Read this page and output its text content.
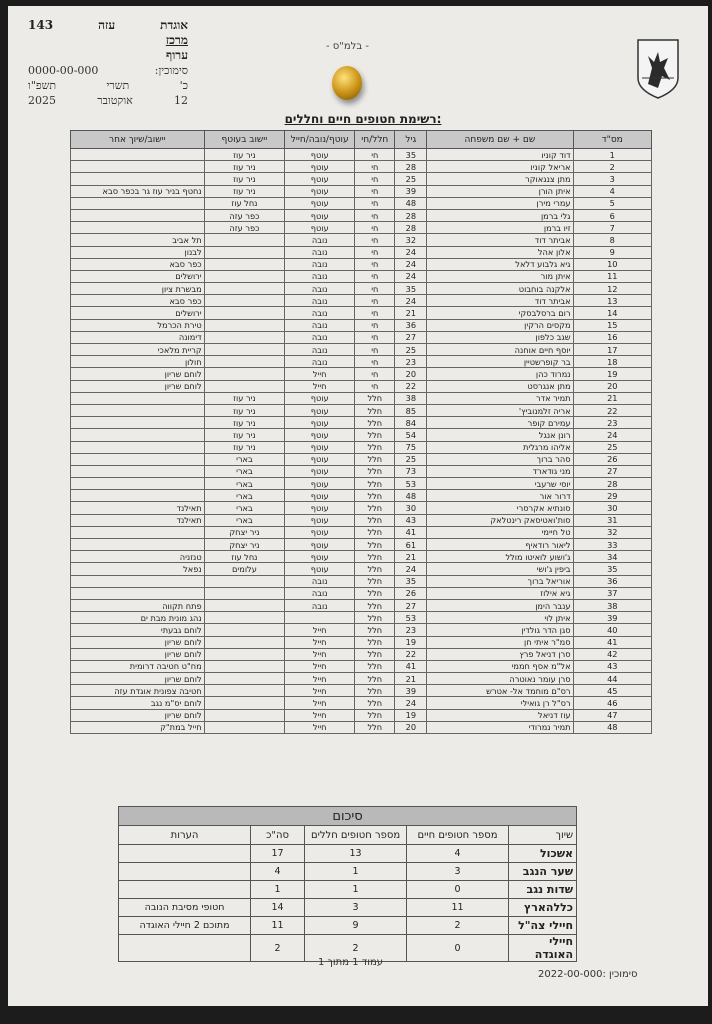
אוגדת
עזה
143
מרכז
ערוף
סימוכין:
0000-00-000
כ'
תשרי
תשפ"ו
12
אוקטובר
2025
- בלמ"ס -
רשימת חטופים חיים וחללים:
מס"ד	שם + שם משפחה	גיל	חלל/חי	עוטף/נובה/חייל	יישוב בעוטף	יישוב/שיוך אחר
1	דוד קוניו	35	חי	עוטף	ניר עוז	
2	אריאל קוניו	28	חי	עוטף	ניר עוז	
3	מתן צנגאוקר	25	חי	עוטף	ניר עוז	
4	איתן הורן	39	חי	עוטף	ניר עוז	נחטף בניר עוז גר בכפר סבא
5	עמרי מירן	48	חי	עוטף	נחל עוז	
6	גלי ברמן	28	חי	עוטף	כפר עזה	
7	זיו ברמן	28	חי	עוטף	כפר עזה	
8	אביתר דוד	32	חי	נובה		תל אביב
9	אלון אהל	24	חי	נובה		לבנון
10	גיא גלבוע דלאל	24	חי	נובה		כפר סבא
11	איתן מור	24	חי	נובה		ירושלים
12	אלקנה בוחבוט	35	חי	נובה		מבשרת ציון
13	אביתר דוד	24	חי	נובה		כפר סבא
14	רום ברסלבסקי	21	חי	נובה		ירושלים
15	מקסים הרקין	36	חי	נובה		טירת הכרמל
16	שגב כלפון	27	חי	נובה		דימונה
17	יוסף חיים אוחנה	25	חי	נובה		קריית מלאכי
18	בר קופרשטיין	23	חי	נובה		חולון
19	נמרוד כהן	20	חי	חייל		לוחם שריון
20	מתן אנגרסט	22	חי	חייל		לוחם שריון
21	תמיר אדר	38	חלל	עוטף	ניר עוז	
22	אריה זלמנוביץ'	85	חלל	עוטף	ניר עוז	
23	עמירם קופר	84	חלל	עוטף	ניר עוז	
24	רונן אנגל	54	חלל	עוטף	ניר עוז	
25	אליהו מרגלית	75	חלל	עוטף	ניר עוז	
26	סהר ברוך	25	חלל	עוטף	בארי	
27	מני גודארד	73	חלל	עוטף	בארי	
28	יוסי שרעבי	53	חלל	עוטף	בארי	
29	דרור אור	48	חלל	עוטף	בארי	
30	סונתיא אקרסרי	30	חלל	עוטף	בארי	תאילנד
31	סות'ואטיסאק רינטלאק	43	חלל	עוטף	בארי	תאילנד
32	טל חיימי	41	חלל	עוטף	ניר יצחק	
33	ליאור רודאיף	61	חלל	עוטף	ניר יצחק	
34	ג'ושוע לואיטו מולל	21	חלל	עוטף	נחל עוז	טנזניה
35	ביפין ג'ושי	24	חלל	עוטף	עלומים	נפאל
36	אוריאל ברוך	35	חלל	נובה		
37	גיא אילוז	26	חלל	נובה		
38	ענבר הימן	27	חלל	נובה		פתח תקווה
39	איתן לוי	53	חלל			נהג מונית מבת ים
40	סגן הדר גולדין	23	חלל	חייל		לוחם גבעתי
41	סמ"ר איתי חן	19	חלל	חייל		לוחם שריון
42	סרן דניאל פרץ	22	חלל	חייל		לוחם שריון
43	אל"מ אסף חממי	41	חלל	חייל		מח"ט חטיבה דרומית
44	סרן עומר נאוטרה	21	חלל	חייל		לוחם שריון
45	רס"ם מוחמד אל- אטרש	39	חלל	חייל		חטיבה צפונית אוגדת עזה
46	רס"ל רן גואילי	24	חלל	חייל		לוחם יס"מ נגב
47	עוז דניאל	19	חלל	חייל		לוחם שריון
48	תמיר נמרודי	20	חלל	חייל		חייל במת"ק
סיכום				
שיוך	מספר חטופים חיים	מספר חטופים חללים	סה"כ	הערות
אשכול	4	13	17	
שער הנגב	3	1	4	
שדות נגב	0	1	1	
כללהארץ	11	3	14	חטופי מסיבת הנובה
חיילי צה"ל	2	9	11	מתוכם 2 חיילי האוגדה
חיילי האוגדה	0	2	2	
עמוד 1 מתוך 1
סימוכין :2022-00-000
